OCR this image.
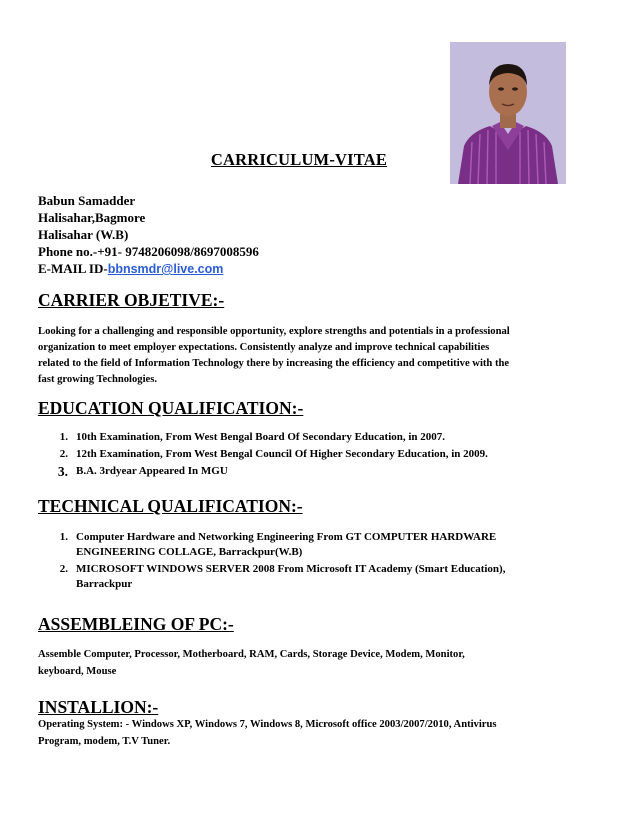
CARRICULUM-VITAE
Babun Samadder
Halisahar,Bagmore
Halisahar (W.B)
Phone no.-+91- 9748206098/8697008596
E-MAIL ID-bbnsmdr@live.com
CARRIER OBJETIVE:-
Looking for a challenging and responsible opportunity, explore strengths and potentials in a professional
organization to meet employer expectations. Consistently analyze and improve technical capabilities
related to the field of Information Technology there by increasing the efficiency and competitive with the
fast growing Technologies.
EDUCATION QUALIFICATION:-
1. 10th Examination, From West Bengal Board Of Secondary Education, in 2007.
2. 12th Examination, From West Bengal Council Of Higher Secondary Education, in 2009.
3. B.A. 3rdyear Appeared In MGU
TECHNICAL QUALIFICATION:-
1. Computer Hardware and Networking Engineering From GT COMPUTER HARDWARE
ENGINEERING COLLAGE, Barrackpur(W.B)
2. MICROSOFT WINDOWS SERVER 2008 From Microsoft IT Academy (Smart Education),
Barrackpur
ASSEMBLEING OF PC:-
Assemble Computer, Processor, Motherboard, RAM, Cards, Storage Device, Modem, Monitor,
keyboard, Mouse
INSTALLION:-
Operating System: - Windows XP, Windows 7, Windows 8, Microsoft office 2003/2007/2010, Antivirus
Program, modem, T.V Tuner.
